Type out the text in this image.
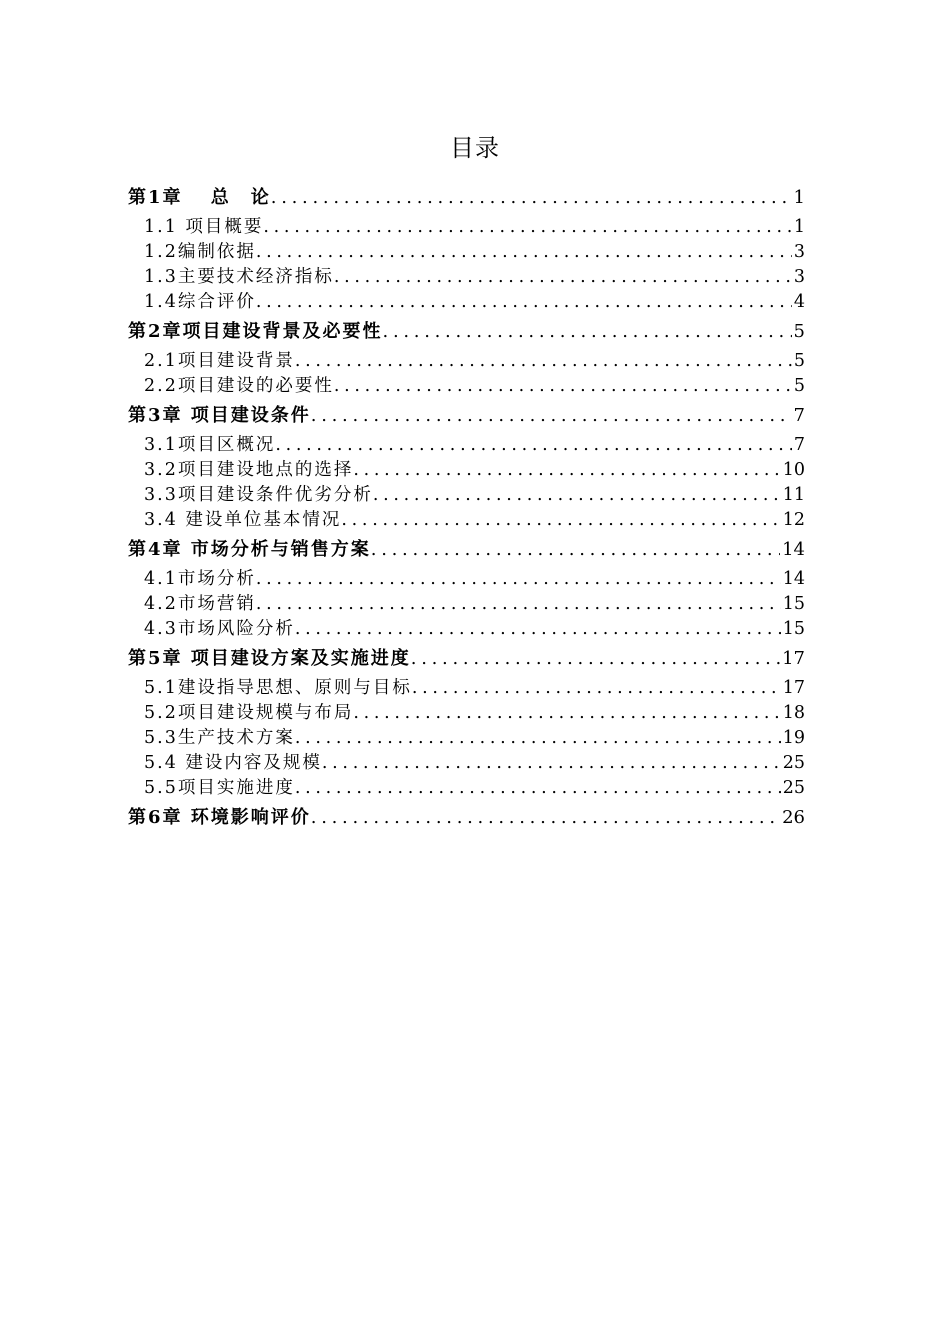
目录
第1章　 总　论 .....	1
1.1 项目概要 .....	1
1.2编制依据 .....	3
1.3主要技术经济指标 .....	3
1.4综合评价 .....	4
第2章项目建设背景及必要性 .....	5
2.1项目建设背景 .....	5
2.2项目建设的必要性 .....	5
第3章 项目建设条件 .....	7
3.1项目区概况 .....	7
3.2项目建设地点的选择 .....	10
3.3项目建设条件优劣分析 .....	11
3.4 建设单位基本情况 .....	12
第4章 市场分析与销售方案 .....	14
4.1市场分析 .....	14
4.2市场营销 .....	15
4.3市场风险分析 .....	15
第5章 项目建设方案及实施进度 .....	17
5.1建设指导思想、原则与目标 .....	17
5.2项目建设规模与布局 .....	18
5.3生产技术方案 .....	19
5.4 建设内容及规模 .....	25
5.5项目实施进度 .....	25
第6章 环境影响评价 .....	26
